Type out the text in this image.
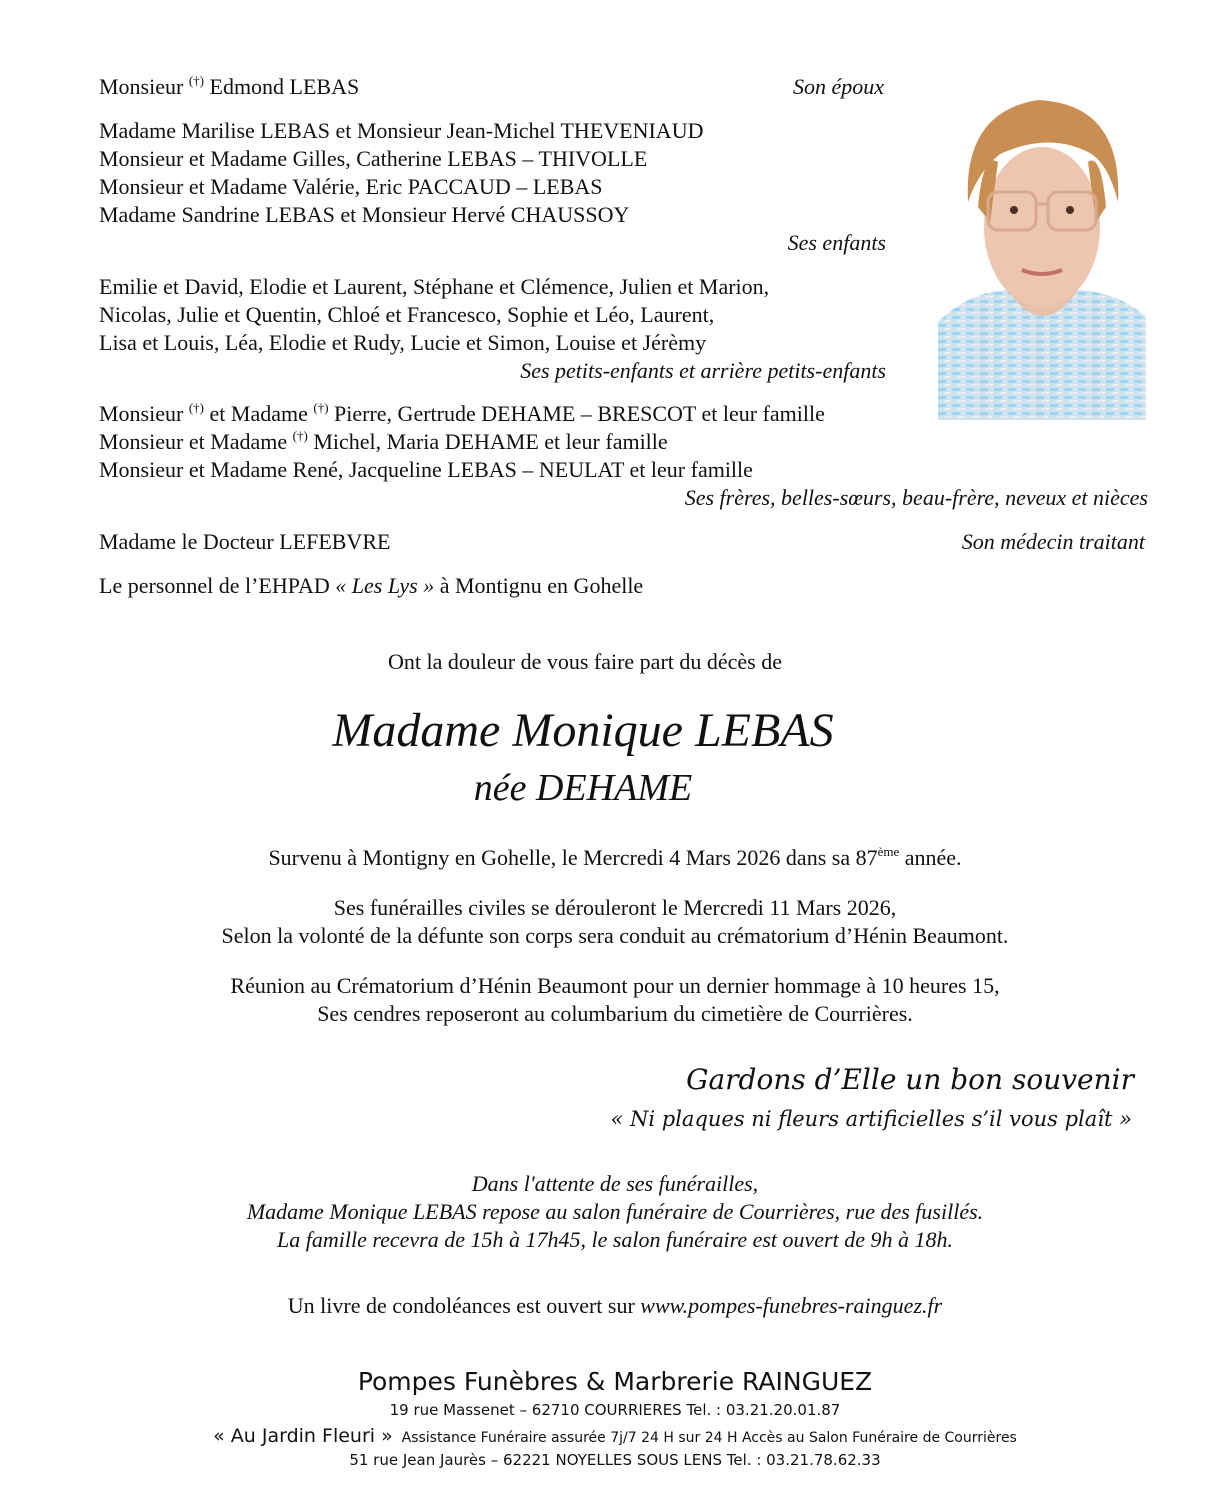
Monsieur (†) Edmond LEBAS	Son époux
Madame Marilise LEBAS et Monsieur Jean-Michel THEVENIAUD
Monsieur et Madame Gilles, Catherine LEBAS – THIVOLLE
Monsieur et Madame Valérie, Eric PACCAUD – LEBAS
Madame Sandrine LEBAS et Monsieur Hervé CHAUSSOY
Ses enfants
Emilie et David, Elodie et Laurent, Stéphane et Clémence, Julien et Marion,
Nicolas, Julie et Quentin, Chloé et Francesco, Sophie et Léo, Laurent,
Lisa et Louis, Léa, Elodie et Rudy, Lucie et Simon, Louise et Jérèmy
Ses petits-enfants et arrière petits-enfants
Monsieur (†) et Madame (†) Pierre, Gertrude DEHAME – BRESCOT et leur famille
Monsieur et Madame (†) Michel, Maria DEHAME et leur famille
Monsieur et Madame René, Jacqueline LEBAS – NEULAT et leur famille
Ses frères, belles-sœurs, beau-frère, neveux et nièces
Madame le Docteur LEFEBVRE	Son médecin traitant
Le personnel de l’EHPAD « Les Lys » à Montignu en Gohelle
Ont la douleur de vous faire part du décès de
Madame Monique LEBAS
née DEHAME
Survenu à Montigny en Gohelle, le Mercredi 4 Mars 2026 dans sa 87ème année.
Ses funérailles civiles se dérouleront le Mercredi 11 Mars 2026,
Selon la volonté de la défunte son corps sera conduit au crématorium d’Hénin Beaumont.
Réunion au Crématorium d’Hénin Beaumont pour un dernier hommage à 10 heures 15,
Ses cendres reposeront au columbarium du cimetière de Courrières.
Gardons d’Elle un bon souvenir
« Ni plaques ni fleurs artificielles s’il vous plaît »
Dans l'attente de ses funérailles,
Madame Monique LEBAS repose au salon funéraire de Courrières, rue des fusillés.
La famille recevra de 15h à 17h45, le salon funéraire est ouvert de 9h à 18h.
Un livre de condoléances est ouvert sur www.pompes-funebres-rainguez.fr
Pompes Funèbres & Marbrerie RAINGUEZ
19 rue Massenet – 62710 COURRIERES Tel. : 03.21.20.01.87
« Au Jardin Fleuri » Assistance Funéraire assurée 7j/7 24 H sur 24 H Accès au Salon Funéraire de Courrières
51 rue Jean Jaurès – 62221 NOYELLES SOUS LENS Tel. : 03.21.78.62.33
